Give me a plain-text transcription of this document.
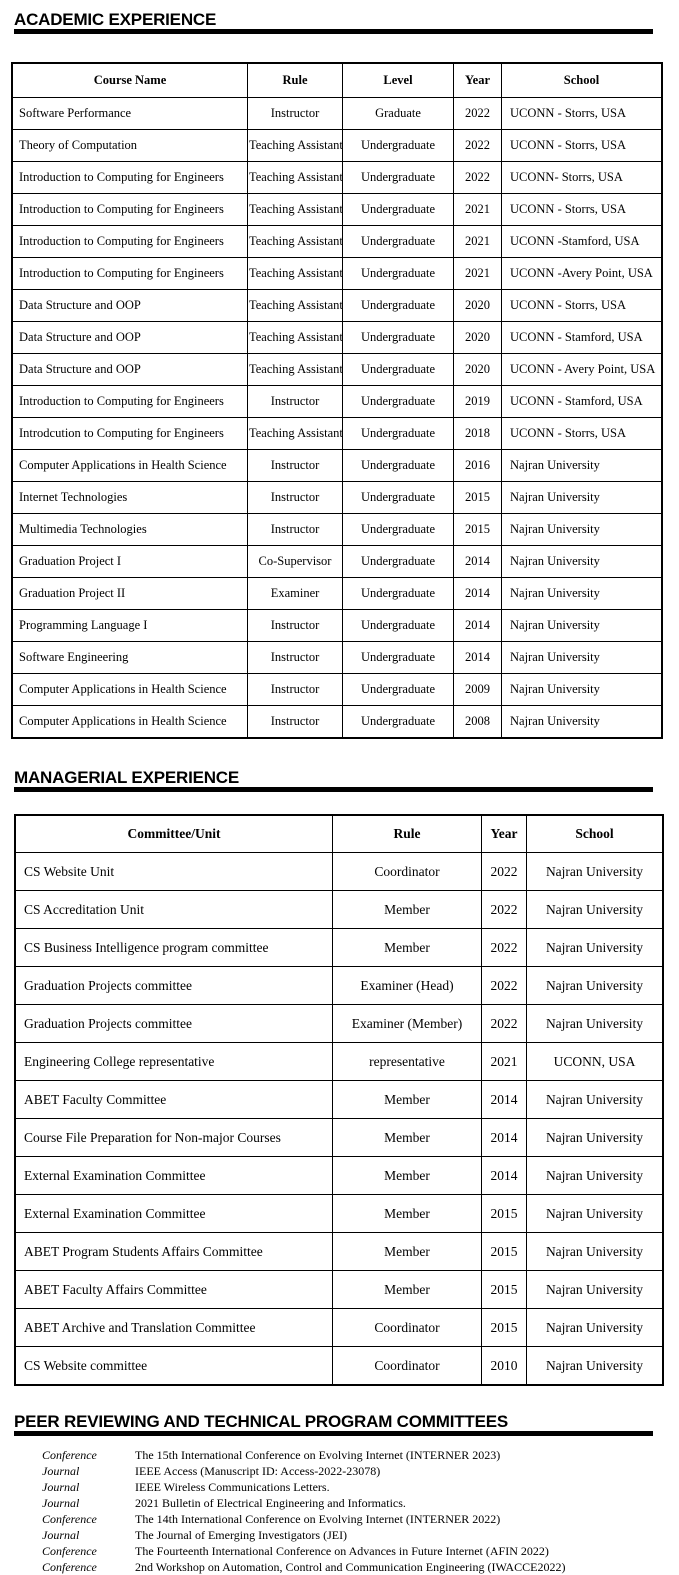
ACADEMIC EXPERIENCE
Course Name	Rule	Level	Year	School
Software Performance	Instructor	Graduate	2022	UCONN - Storrs, USA
Theory of Computation	Teaching Assistant	Undergraduate	2022	UCONN - Storrs, USA
Introduction to Computing for Engineers	Teaching Assistant	Undergraduate	2022	UCONN- Storrs, USA
Introduction to Computing for Engineers	Teaching Assistant	Undergraduate	2021	UCONN - Storrs, USA
Introduction to Computing for Engineers	Teaching Assistant	Undergraduate	2021	UCONN -Stamford, USA
Introduction to Computing for Engineers	Teaching Assistant	Undergraduate	2021	UCONN -Avery Point, USA
Data Structure and OOP	Teaching Assistant	Undergraduate	2020	UCONN - Storrs, USA
Data Structure and OOP	Teaching Assistant	Undergraduate	2020	UCONN - Stamford, USA
Data Structure and OOP	Teaching Assistant	Undergraduate	2020	UCONN - Avery Point, USA
Introduction to Computing for Engineers	Instructor	Undergraduate	2019	UCONN - Stamford, USA
Introdcution to Computing for Engineers	Teaching Assistant	Undergraduate	2018	UCONN - Storrs, USA
Computer Applications in Health Science	Instructor	Undergraduate	2016	Najran University
Internet Technologies	Instructor	Undergraduate	2015	Najran University
Multimedia Technologies	Instructor	Undergraduate	2015	Najran University
Graduation Project I	Co-Supervisor	Undergraduate	2014	Najran University
Graduation Project II	Examiner	Undergraduate	2014	Najran University
Programming Language I	Instructor	Undergraduate	2014	Najran University
Software Engineering	Instructor	Undergraduate	2014	Najran University
Computer Applications in Health Science	Instructor	Undergraduate	2009	Najran University
Computer Applications in Health Science	Instructor	Undergraduate	2008	Najran University
MANAGERIAL EXPERIENCE
Committee/Unit	Rule	Year	School
CS Website Unit	Coordinator	2022	Najran University
CS Accreditation Unit	Member	2022	Najran University
CS Business Intelligence program committee	Member	2022	Najran University
Graduation Projects committee	Examiner (Head)	2022	Najran University
Graduation Projects committee	Examiner (Member)	2022	Najran University
Engineering College representative	representative	2021	UCONN, USA
ABET Faculty Committee	Member	2014	Najran University
Course File Preparation for Non-major Courses	Member	2014	Najran University
External Examination Committee	Member	2014	Najran University
External Examination Committee	Member	2015	Najran University
ABET Program Students Affairs Committee	Member	2015	Najran University
ABET Faculty Affairs Committee	Member	2015	Najran University
ABET Archive and Translation Committee	Coordinator	2015	Najran University
CS Website committee	Coordinator	2010	Najran University
PEER REVIEWING AND TECHNICAL PROGRAM COMMITTEES
Conference	The 15th International Conference on Evolving Internet (INTERNER 2023)
Journal	IEEE Access (Manuscript ID: Access-2022-23078)
Journal	IEEE Wireless Communications Letters.
Journal	2021 Bulletin of Electrical Engineering and Informatics.
Conference	The 14th International Conference on Evolving Internet (INTERNER 2022)
Journal	The Journal of Emerging Investigators (JEI)
Conference	The Fourteenth International Conference on Advances in Future Internet (AFIN 2022)
Conference	2nd Workshop on Automation, Control and Communication Engineering (IWACCE2022)
